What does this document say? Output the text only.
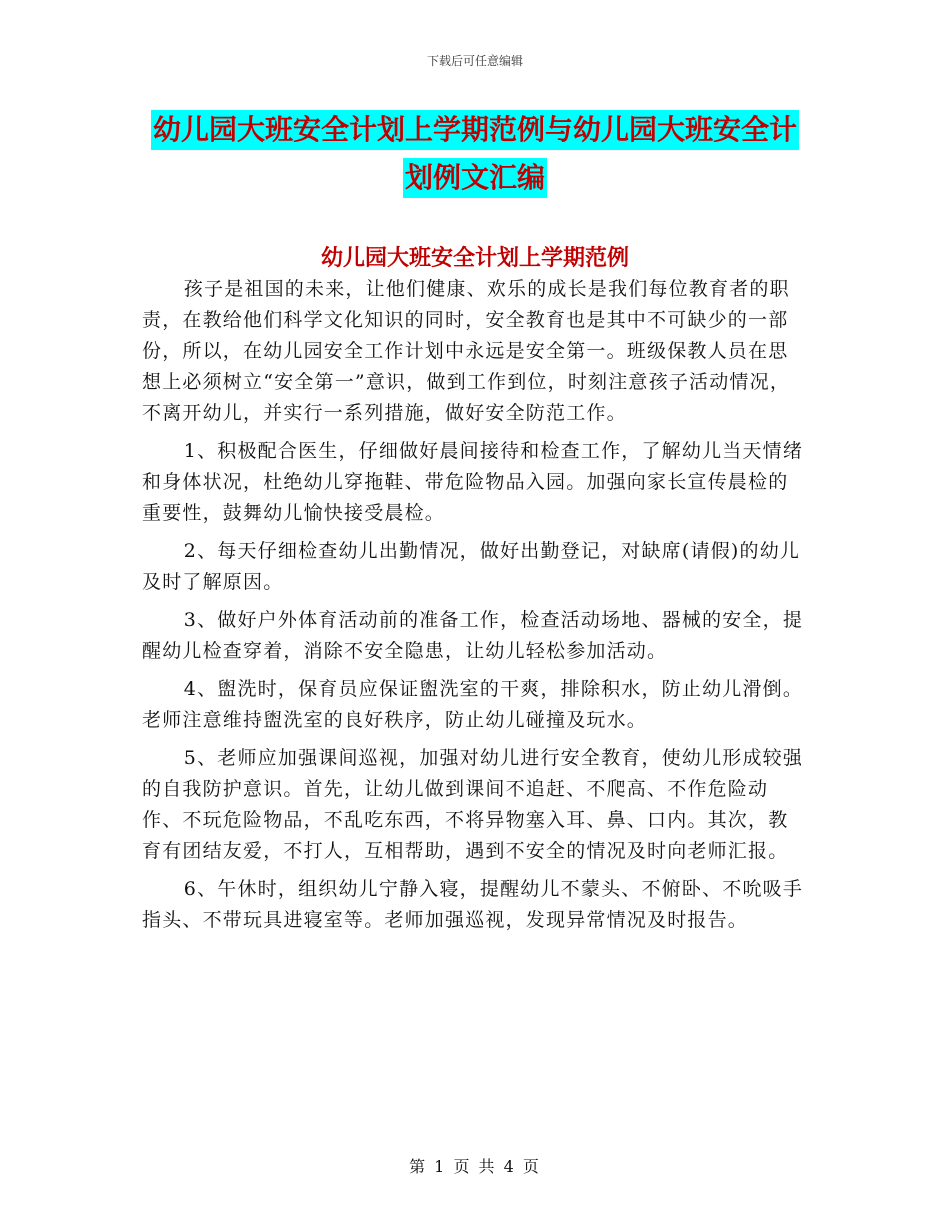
下载后可任意编辑
幼儿园大班安全计划上学期范例与幼儿园大班安全计
划例文汇编
幼儿园大班安全计划上学期范例

孩子是祖国的未来，让他们健康、欢乐的成长是我们每位教育者的职责，在教给他们科学文化知识的同时，安全教育也是其中不可缺少的一部份，所以，在幼儿园安全工作计划中永远是安全第一。班级保教人员在思想上必须树立“安全第一”意识，做到工作到位，时刻注意孩子活动情况，不离开幼儿，并实行一系列措施，做好安全防范工作。

1、积极配合医生，仔细做好晨间接待和检查工作，了解幼儿当天情绪和身体状况，杜绝幼儿穿拖鞋、带危险物品入园。加强向家长宣传晨检的重要性，鼓舞幼儿愉快接受晨检。

2、每天仔细检查幼儿出勤情况，做好出勤登记，对缺席(请假)的幼儿及时了解原因。

3、做好户外体育活动前的准备工作，检查活动场地、器械的安全，提醒幼儿检查穿着，消除不安全隐患，让幼儿轻松参加活动。

4、盥洗时，保育员应保证盥洗室的干爽，排除积水，防止幼儿滑倒。老师注意维持盥洗室的良好秩序，防止幼儿碰撞及玩水。

5、老师应加强课间巡视，加强对幼儿进行安全教育，使幼儿形成较强的自我防护意识。首先，让幼儿做到课间不追赶、不爬高、不作危险动作、不玩危险物品，不乱吃东西，不将异物塞入耳、鼻、口内。其次，教育有团结友爱，不打人，互相帮助，遇到不安全的情况及时向老师汇报。

6、午休时，组织幼儿宁静入寝，提醒幼儿不蒙头、不俯卧、不吮吸手指头、不带玩具进寝室等。老师加强巡视，发现异常情况及时报告。

第 1 页 共 4 页
